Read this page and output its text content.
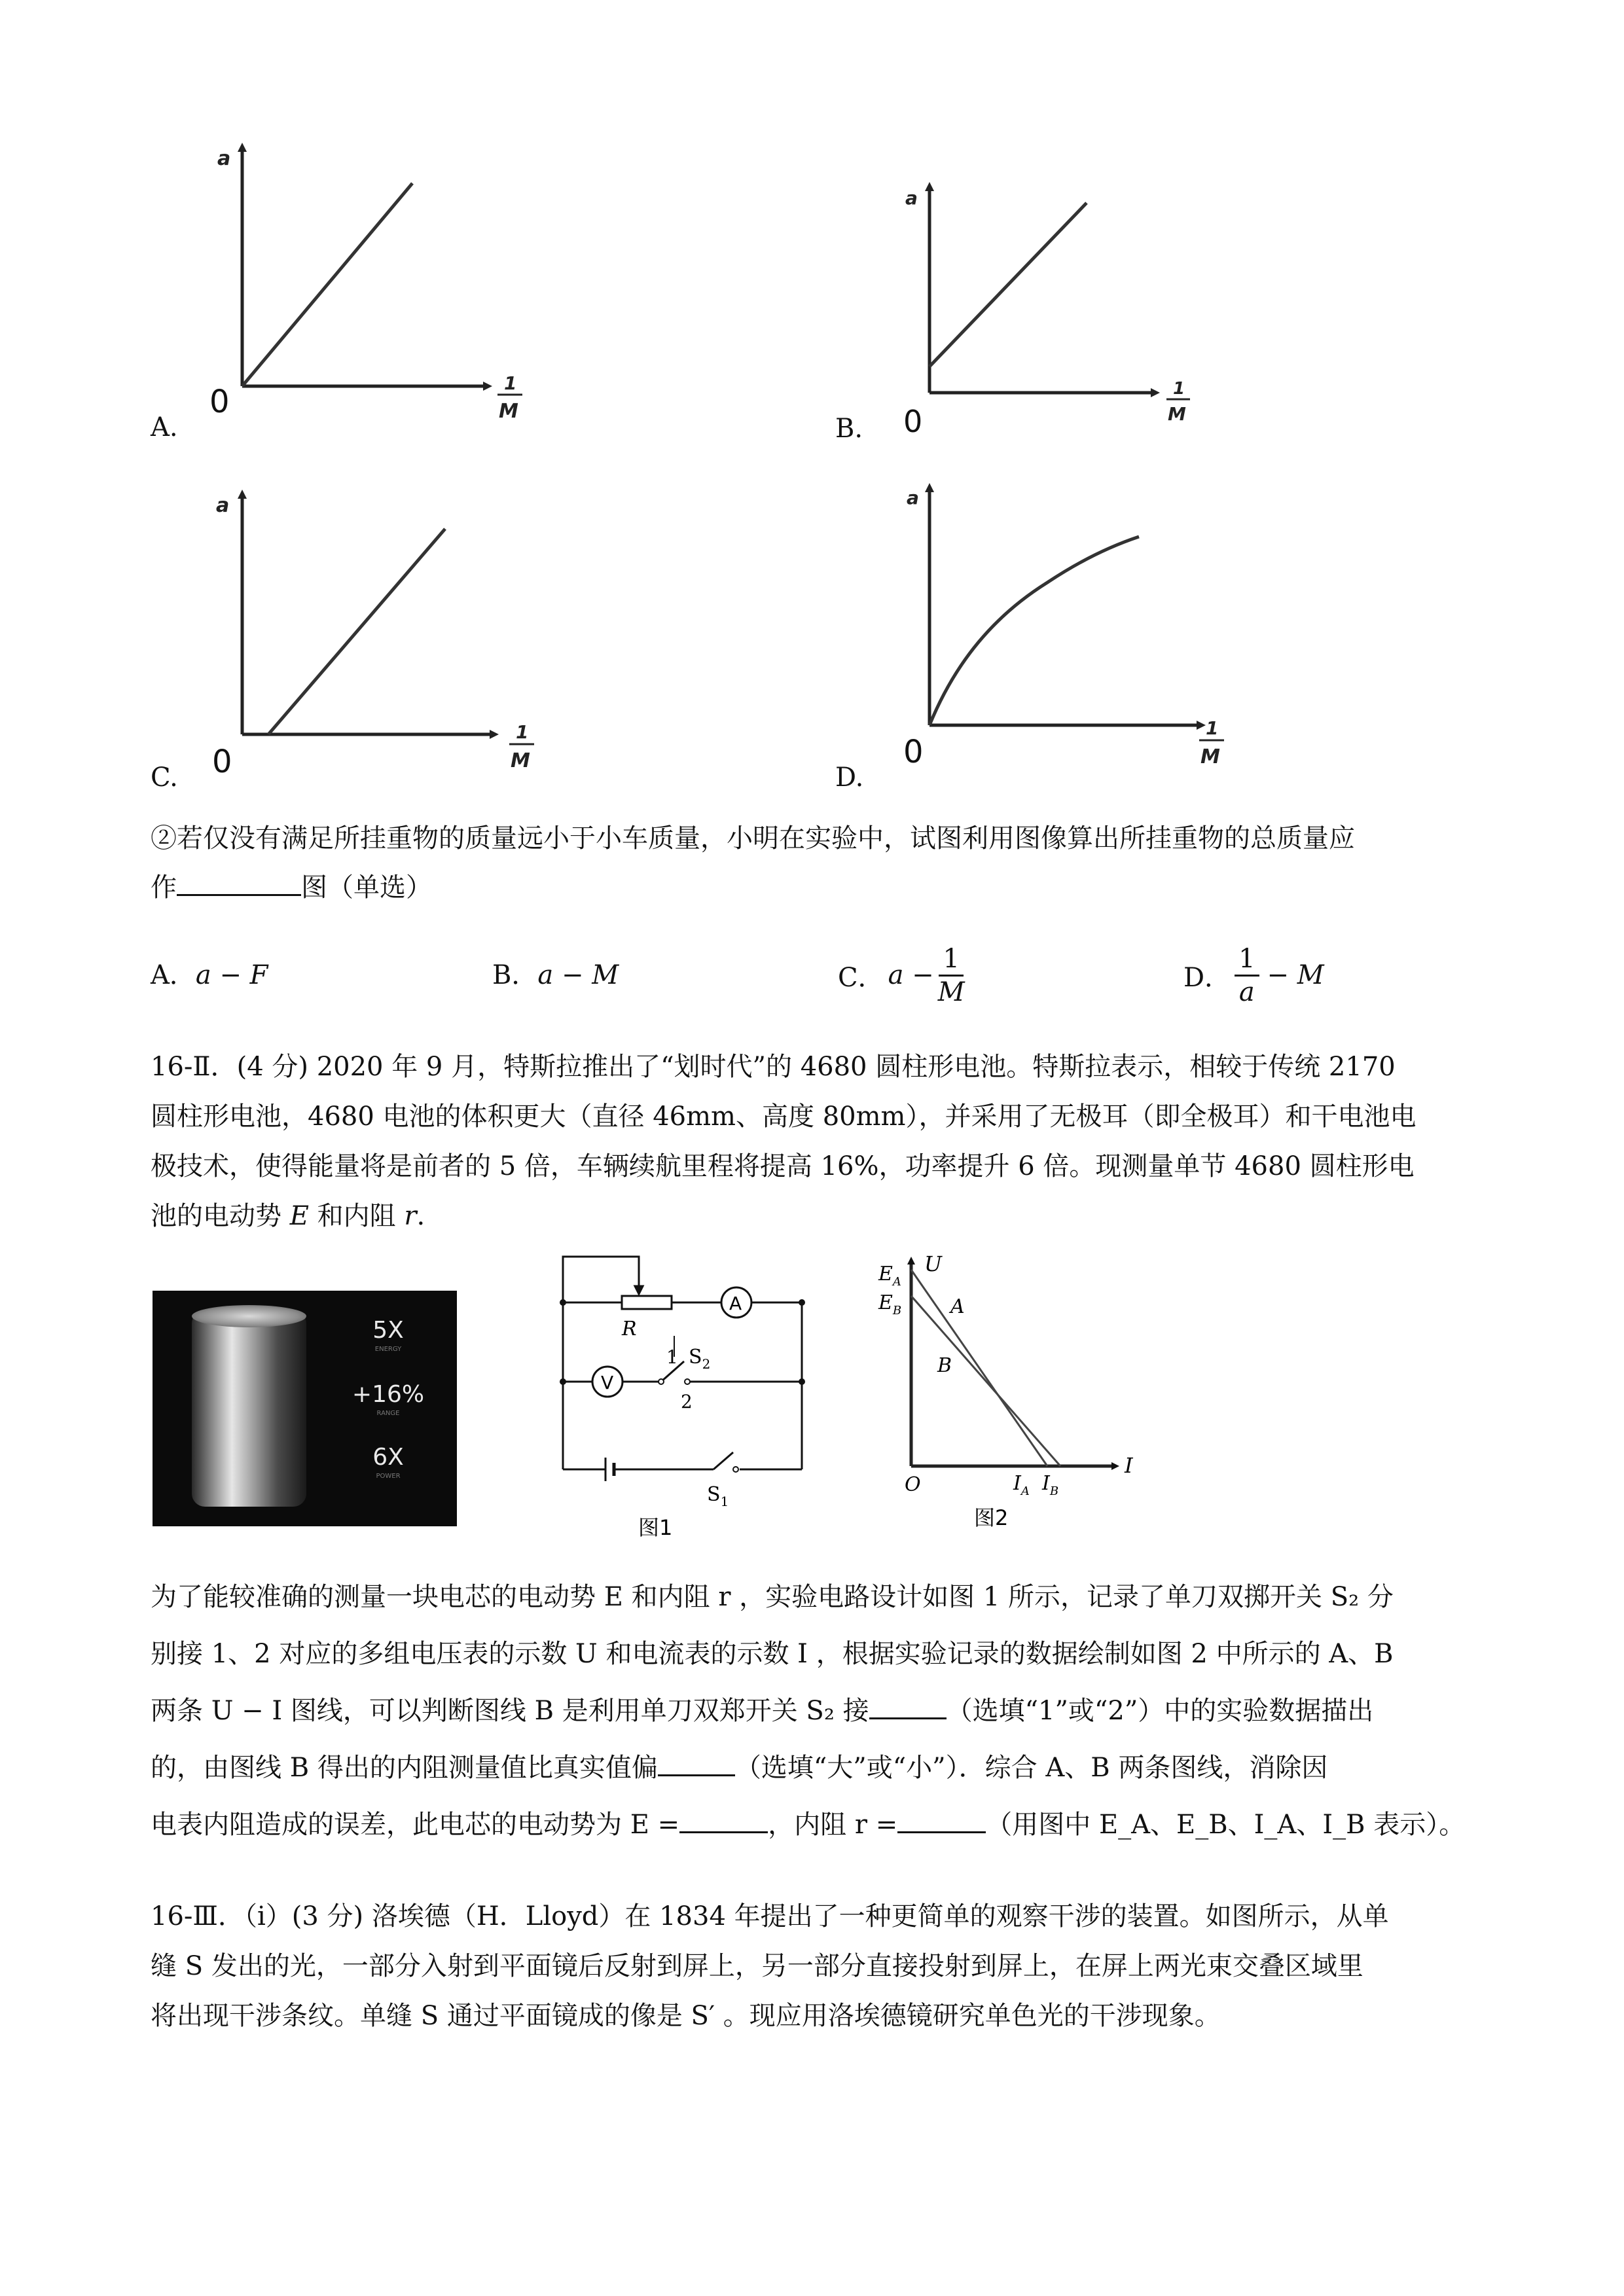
A.
a
0
1
M
B.
a
0
1
M
C.
a
0
1
M
D.
a
0
1
M
②若仅没有满足所挂重物的质量远小于小车质量，小明在实验中，试图利用图像算出所挂重物的总质量应
作	图（单选）
A．a − F	B．a − M	C． $a - \frac{1}{M}$	D． $\frac{1}{a} - M$
16-Ⅱ．(4 分) 2020 年 9 月，特斯拉推出了“划时代”的 4680 圆柱形电池。特斯拉表示，相较于传统 2170
圆柱形电池，4680 电池的体积更大（直径 46mm、高度 80mm），并采用了无极耳（即全极耳）和干电池电
极技术，使得能量将是前者的 5 倍，车辆续航里程将提高 16%，功率提升 6 倍。现测量单节 4680 圆柱形电
池的电动势 E 和内阻 r.
5X
ENERGY
+16%
RANGE
6X
POWER
R
A
V
1
2
$S_2$
$S_1$
图1
U
I
O
$E_A$
$E_B$ A
B
$I_A$ $I_B$
图2
为了能较准确的测量一块电芯的电动势 E 和内阻 r ，实验电路设计如图 1 所示，记录了单刀双掷开关 S₂ 分
别接 1、2 对应的多组电压表的示数 U 和电流表的示数 I ，根据实验记录的数据绘制如图 2 中所示的 A、B
两条 U − I 图线，可以判断图线 B 是利用单刀双郑开关 S₂ 接	（选填“1”或“2”）中的实验数据描出
的，由图线 B 得出的内阻测量值比真实值偏	（选填“大”或“小”）．综合 A、B 两条图线，消除因
电表内阻造成的误差，此电芯的电动势为 E =	，内阻 r =	（用图中 E_A、E_B、I_A、I_B 表示）。
16-Ⅲ．（ⅰ）(3 分) 洛埃德（H．Lloyd）在 1834 年提出了一种更简单的观察干涉的装置。如图所示，从单
缝 S 发出的光，一部分入射到平面镜后反射到屏上，另一部分直接投射到屏上，在屏上两光束交叠区域里
将出现干涉条纹。单缝 S 通过平面镜成的像是 S′ 。现应用洛埃德镜研究单色光的干涉现象。
